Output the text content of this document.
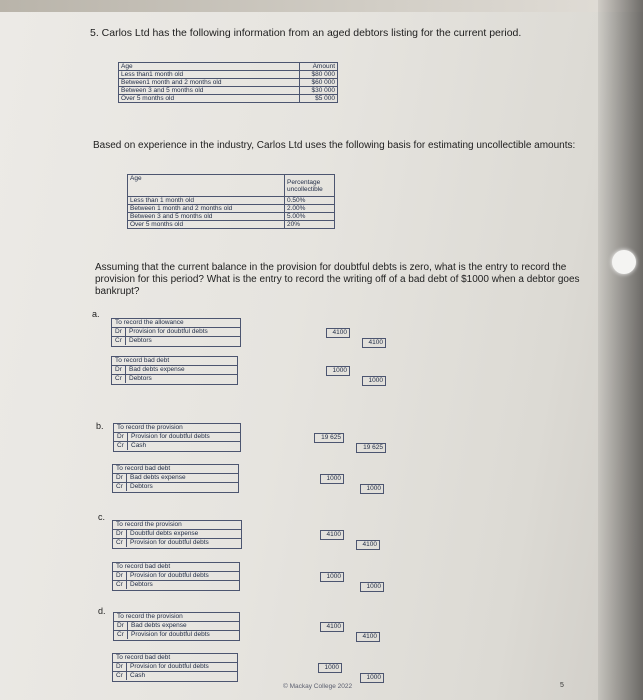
5. Carlos Ltd has the following information from an aged debtors listing for the current period.
Age	Amount
Less than1 month old	$80 000
Between1 month and 2 months old	$60 000
Between 3 and 5 months old	$30 000
Over 5 months old	$5 000
Based on experience in the industry, Carlos Ltd uses the following basis for estimating uncollectible amounts:
Age	Percentage uncollectible
Less than 1 month old	0.50%
Between 1 month and 2 months old	2.00%
Between 3 and 5 months old	5.00%
Over 5 months old	20%
Assuming that the current balance in the provision for doubtful debts is zero, what is the entry to record the provision for this period? What is the entry to record the writing off of a bad debt of $1000 when a debtor goes bankrupt?
a.
To record the allowance
Dr	Provision for doubtful debts
Cr	Debtors
4100
4100
To record bad debt
Dr	Bad debts expense
Cr	Debtors
1000
1000
b.	To record the provision
Dr	Provision for doubtful debts
Cr	Cash
19 625
19 625
To record bad debt
Dr	Bad debts expense
Cr	Debtors
1000
1000
c.
To record the provision
Dr	Doubtful debts expense
Cr	Provision for doubtful debts
4100
4100
To record bad debt
Dr	Provision for doubtful debts
Cr	Debtors
1000
1000
d.
To record the provision
Dr	Bad debts expense
Cr	Provision for doubtful debts
4100
4100
To record bad debt
Dr	Provision for doubtful debts
Cr	Cash
1000
1000
© Mackay College 2022	5
